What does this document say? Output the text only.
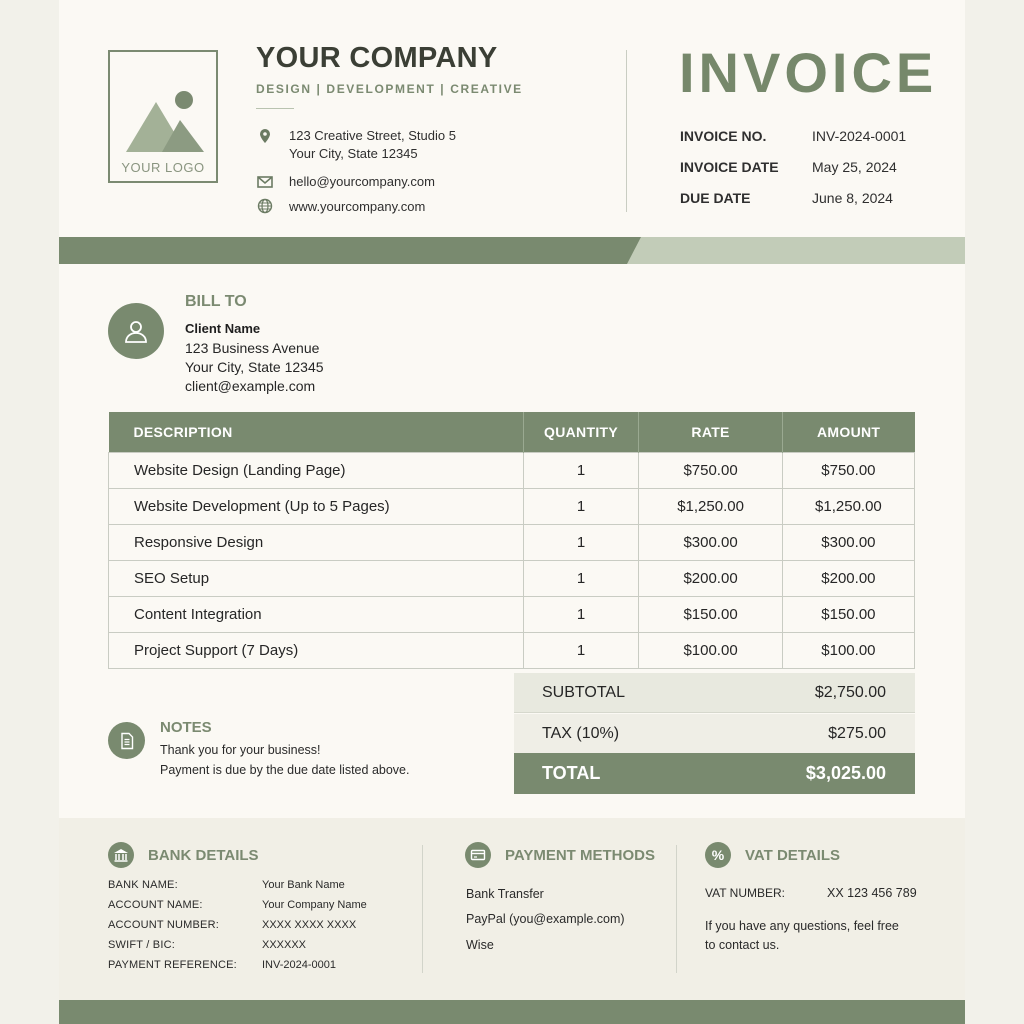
YOUR LOGO
YOUR COMPANY
DESIGN | DEVELOPMENT | CREATIVE
123 Creative Street, Studio 5
Your City, State 12345
hello@yourcompany.com
www.yourcompany.com
INVOICE
INVOICE NO.	INV-2024-0001
INVOICE DATE May 25, 2024
DUE DATE	June 8, 2024
BILL TO
Client Name
123 Business Avenue
Your City, State 12345
client@example.com
DESCRIPTION	QUANTITY	RATE	AMOUNT
Website Design (Landing Page)	1	$750.00	$750.00
Website Development (Up to 5 Pages)	1	$1,250.00	$1,250.00
Responsive Design	1	$300.00	$300.00
SEO Setup	1	$200.00	$200.00
Content Integration	1	$150.00	$150.00
Project Support (7 Days)	1	$100.00	$100.00
SUBTOTAL	$2,750.00
TAX (10%)	$275.00
TOTAL	$3,025.00
NOTES
Thank you for your business!
Payment is due by the due date listed above.
BANK DETAILS
BANK NAME:	Your Bank Name
ACCOUNT NAME:	Your Company Name
ACCOUNT NUMBER:	XXXX XXXX XXXX
SWIFT / BIC:	XXXXXX
PAYMENT REFERENCE: INV-2024-0001
PAYMENT METHODS
Bank Transfer
PayPal (you@example.com)
Wise
% VAT DETAILS
VAT NUMBER:	XX 123 456 789
If you have any questions, feel free
to contact us.
